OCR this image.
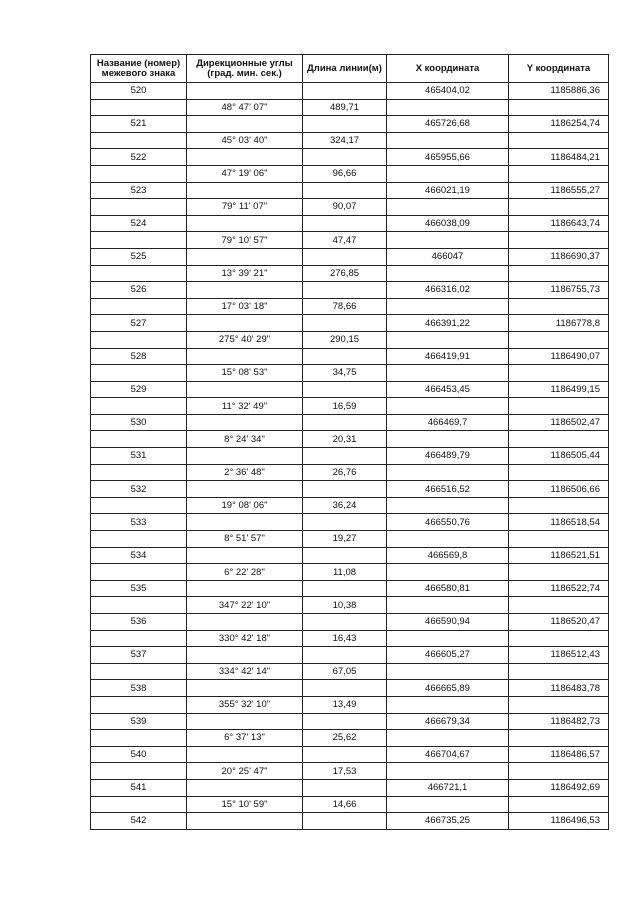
Название (номер) межевого знака	Дирекционные углы (град. мин. сек.)	Длина линии(м)	X координата	Y координата
520			465404,02	1185886,36
	48° 47' 07"	489,71		
521			465726,68	1186254,74
	45° 03' 40"	324,17		
522			465955,66	1186484,21
	47° 19' 06"	96,66		
523			466021,19	1186555,27
	79° 11' 07"	90,07		
524			466038,09	1186643,74
	79° 10' 57"	47,47		
525			466047	1186690,37
	13° 39' 21"	276,85		
526			466316,02	1186755,73
	17° 03' 18"	78,66		
527			466391,22	1186778,8
	275° 40' 29"	290,15		
528			466419,91	1186490,07
	15° 08' 53"	34,75		
529			466453,45	1186499,15
	11° 32' 49"	16,59		
530			466469,7	1186502,47
	8° 24' 34"	20,31		
531			466489,79	1186505,44
	2° 36' 48"	26,76		
532			466516,52	1186506,66
	19° 08' 06"	36,24		
533			466550,76	1186518,54
	8° 51' 57"	19,27		
534			466569,8	1186521,51
	6° 22' 28"	11,08		
535			466580,81	1186522,74
	347° 22' 10"	10,38		
536			466590,94	1186520,47
	330° 42' 18"	16,43		
537			466605,27	1186512,43
	334° 42' 14"	67,05		
538			466665,89	1186483,78
	355° 32' 10"	13,49		
539			466679,34	1186482,73
	6° 37' 13"	25,62		
540			466704,67	1186486,57
	20° 25' 47"	17,53		
541			466721,1	1186492,69
	15° 10' 59"	14,66		
542			466735,25	1186496,53
